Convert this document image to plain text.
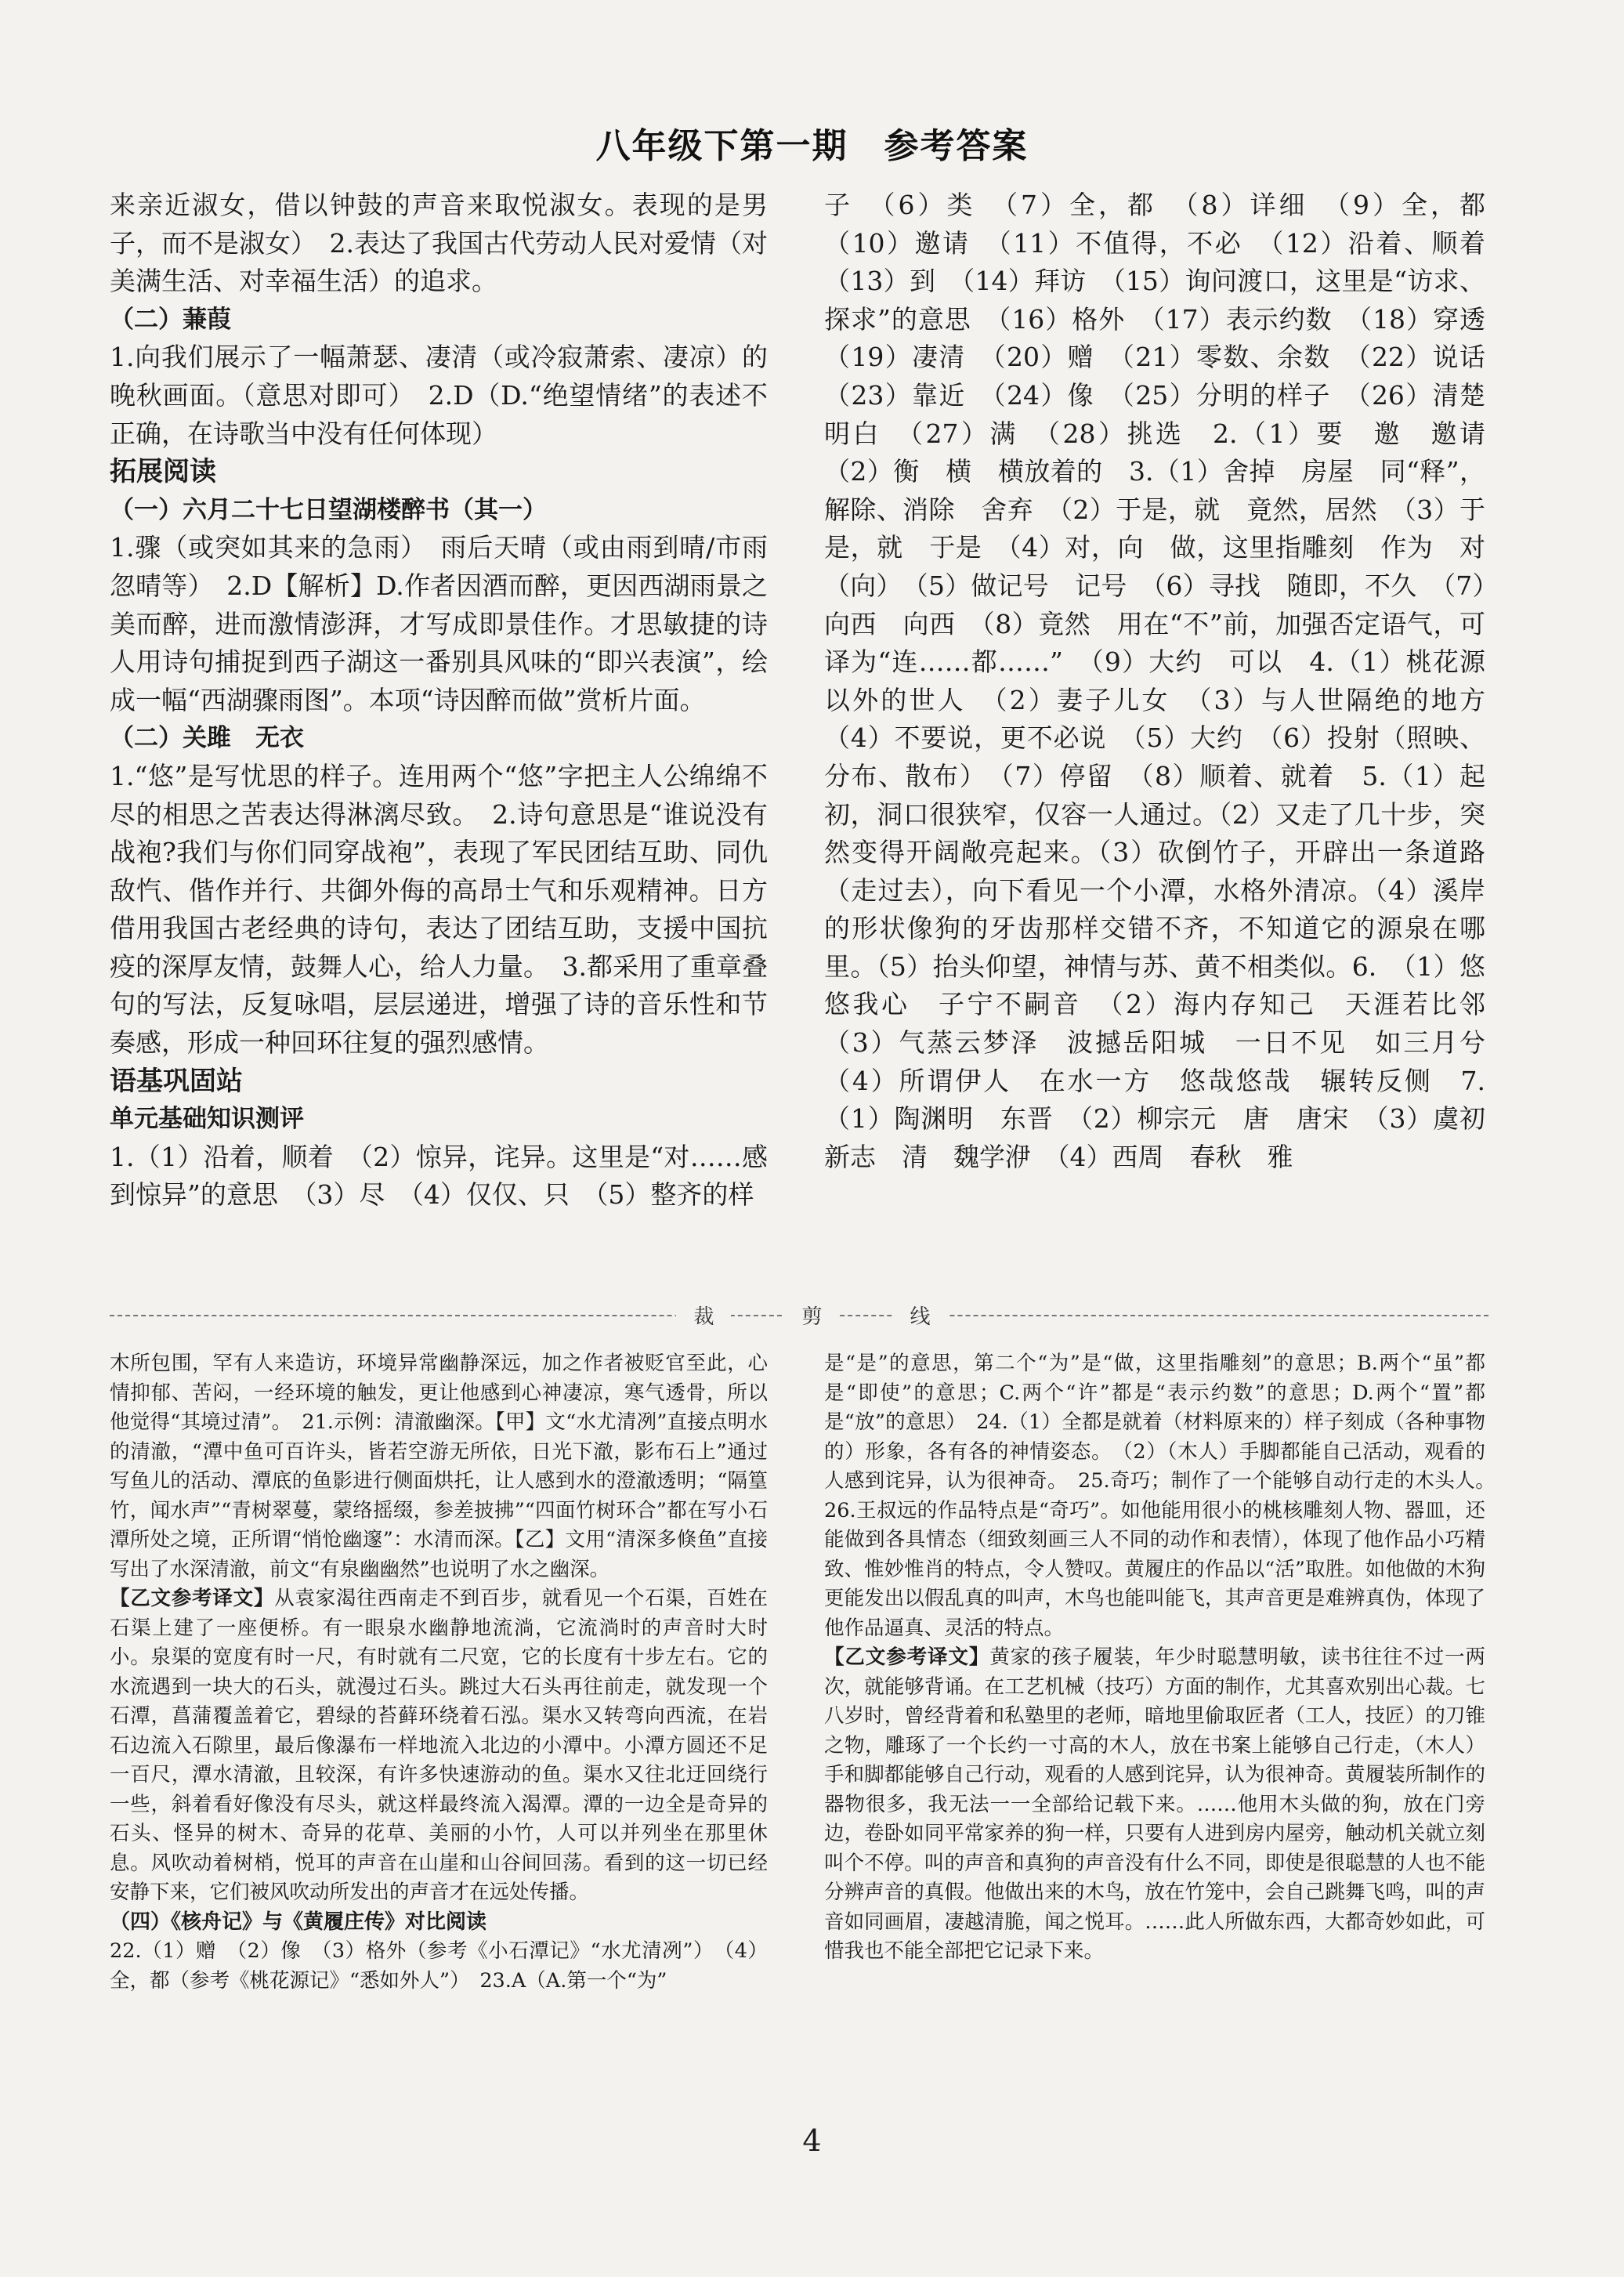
八年级下第一期　参考答案

来亲近淑女，借以钟鼓的声音来取悦淑女。表现的是男子，而不是淑女）　2.表达了我国古代劳动人民对爱情（对美满生活、对幸福生活）的追求。

（二）蒹葭

1.向我们展示了一幅萧瑟、凄清（或冷寂萧索、凄凉）的晚秋画面。（意思对即可）　2.D（D.“绝望情绪”的表述不正确，在诗歌当中没有任何体现）

拓展阅读
（一）六月二十七日望湖楼醉书（其一）

1.骤（或突如其来的急雨）　雨后天晴（或由雨到晴/市雨忽晴等）　2.D【解析】D.作者因酒而醉，更因西湖雨景之美而醉，进而激情澎湃，才写成即景佳作。才思敏捷的诗人用诗句捕捉到西子湖这一番别具风味的“即兴表演”，绘成一幅“西湖骤雨图”。本项“诗因醉而做”赏析片面。

（二）关雎　无衣

1.“悠”是写忧思的样子。连用两个“悠”字把主人公绵绵不尽的相思之苦表达得淋漓尽致。　2.诗句意思是“谁说没有战袍?我们与你们同穿战袍”，表现了军民团结互助、同仇敌忾、偕作并行、共御外侮的高昂士气和乐观精神。日方借用我国古老经典的诗句，表达了团结互助，支援中国抗疫的深厚友情，鼓舞人心，给人力量。　3.都采用了重章叠句的写法，反复咏唱，层层递进，增强了诗的音乐性和节奏感，形成一种回环往复的强烈感情。

语基巩固站
单元基础知识测评

1.（1）沿着，顺着　（2）惊异，诧异。这里是“对……感到惊异”的意思　（3）尽　（4）仅仅、只　（5）整齐的样

子　（6）类　（7）全，都　（8）详细　（9）全，都　（10）邀请　（11）不值得，不必　（12）沿着、顺着　（13）到　（14）拜访　（15）询问渡口，这里是“访求、探求”的意思　（16）格外　（17）表示约数　（18）穿透　（19）凄清　（20）赠　（21）零数、余数　（22）说话　（23）靠近　（24）像　（25）分明的样子　（26）清楚明白　（27）满　（28）挑选　2.（1）要　邀　邀请　（2）衡　横　横放着的　3.（1）舍掉　房屋　同“释”，解除、消除　舍弃　（2）于是，就　竟然，居然　（3）于是，就　于是　（4）对，向　做，这里指雕刻　作为　对（向）　（5）做记号　记号　（6）寻找　随即，不久　（7）向西　向西　（8）竟然　用在“不”前，加强否定语气，可译为“连……都……”　（9）大约　可以　4.（1）桃花源以外的世人　（2）妻子儿女　（3）与人世隔绝的地方　（4）不要说，更不必说　（5）大约　（6）投射（照映、分布、散布）　（7）停留　（8）顺着、就着　5.（1）起初，洞口很狭窄，仅容一人通过。（2）又走了几十步，突然变得开阔敞亮起来。（3）砍倒竹子，开辟出一条道路（走过去），向下看见一个小潭，水格外清凉。（4）溪岸的形状像狗的牙齿那样交错不齐，不知道它的源泉在哪里。（5）抬头仰望，神情与苏、黄不相类似。6.　（1）悠悠我心　子宁不嗣音　（2）海内存知己　天涯若比邻　（3）气蒸云梦泽　波撼岳阳城　一日不见　如三月兮　（4）所谓伊人　在水一方　悠哉悠哉　辗转反侧　7.（1）陶渊明　东晋　（2）柳宗元　唐　唐宋　（3）虞初新志　清　魏学洢　（4）西周　春秋　雅

裁	剪	线

木所包围，罕有人来造访，环境异常幽静深远，加之作者被贬官至此，心情抑郁、苦闷，一经环境的触发，更让他感到心神凄凉，寒气透骨，所以他觉得“其境过清”。　21.示例：清澈幽深。【甲】文“水尤清冽”直接点明水的清澈，“潭中鱼可百许头，皆若空游无所依，日光下澈，影布石上”通过写鱼儿的活动、潭底的鱼影进行侧面烘托，让人感到水的澄澈透明；“隔篁竹，闻水声”“青树翠蔓，蒙络摇缀，参差披拂”“四面竹树环合”都在写小石潭所处之境，正所谓“悄怆幽邃”：水清而深。【乙】文用“清深多倏鱼”直接写出了水深清澈，前文“有泉幽幽然”也说明了水之幽深。

【乙文参考译文】从袁家渴往西南走不到百步，就看见一个石渠，百姓在石渠上建了一座便桥。有一眼泉水幽静地流淌，它流淌时的声音时大时小。泉渠的宽度有时一尺，有时就有二尺宽，它的长度有十步左右。它的水流遇到一块大的石头，就漫过石头。跳过大石头再往前走，就发现一个石潭，菖蒲覆盖着它，碧绿的苔藓环绕着石泓。渠水又转弯向西流，在岩石边流入石隙里，最后像瀑布一样地流入北边的小潭中。小潭方圆还不足一百尺，潭水清澈，且较深，有许多快速游动的鱼。渠水又往北迂回绕行一些，斜着看好像没有尽头，就这样最终流入渴潭。潭的一边全是奇异的石头、怪异的树木、奇异的花草、美丽的小竹，人可以并列坐在那里休息。风吹动着树梢，悦耳的声音在山崖和山谷间回荡。看到的这一切已经安静下来，它们被风吹动所发出的声音才在远处传播。

（四）《核舟记》与《黄履庄传》对比阅读

22.（1）赠　（2）像　（3）格外（参考《小石潭记》“水尤清冽”）　（4）全，都（参考《桃花源记》“悉如外人”）　23.A（A.第一个“为”

是“是”的意思，第二个“为”是“做，这里指雕刻”的意思；B.两个“虽”都是“即使”的意思；C.两个“许”都是“表示约数”的意思；D.两个“置”都是“放”的意思）　24.（1）全都是就着（材料原来的）样子刻成（各种事物的）形象，各有各的神情姿态。　（2）（木人）手脚都能自己活动，观看的人感到诧异，认为很神奇。　25.奇巧；制作了一个能够自动行走的木头人。　26.王叔远的作品特点是“奇巧”。如他能用很小的桃核雕刻人物、器皿，还能做到各具情态（细致刻画三人不同的动作和表情），体现了他作品小巧精致、惟妙惟肖的特点，令人赞叹。黄履庄的作品以“活”取胜。如他做的木狗更能发出以假乱真的叫声，木鸟也能叫能飞，其声音更是难辨真伪，体现了他作品逼真、灵活的特点。

【乙文参考译文】黄家的孩子履装，年少时聪慧明敏，读书往往不过一两次，就能够背诵。在工艺机械（技巧）方面的制作，尤其喜欢别出心裁。七八岁时，曾经背着和私塾里的老师，暗地里偷取匠者（工人，技匠）的刀锥之物，雕琢了一个长约一寸高的木人，放在书案上能够自己行走，（木人）手和脚都能够自己行动，观看的人感到诧异，认为很神奇。黄履装所制作的器物很多，我无法一一全部给记载下来。……他用木头做的狗，放在门旁边，卷卧如同平常家养的狗一样，只要有人进到房内屋旁，触动机关就立刻叫个不停。叫的声音和真狗的声音没有什么不同，即使是很聪慧的人也不能分辨声音的真假。他做出来的木鸟，放在竹笼中，会自己跳舞飞鸣，叫的声音如同画眉，凄越清脆，闻之悦耳。……此人所做东西，大都奇妙如此，可惜我也不能全部把它记录下来。

4
